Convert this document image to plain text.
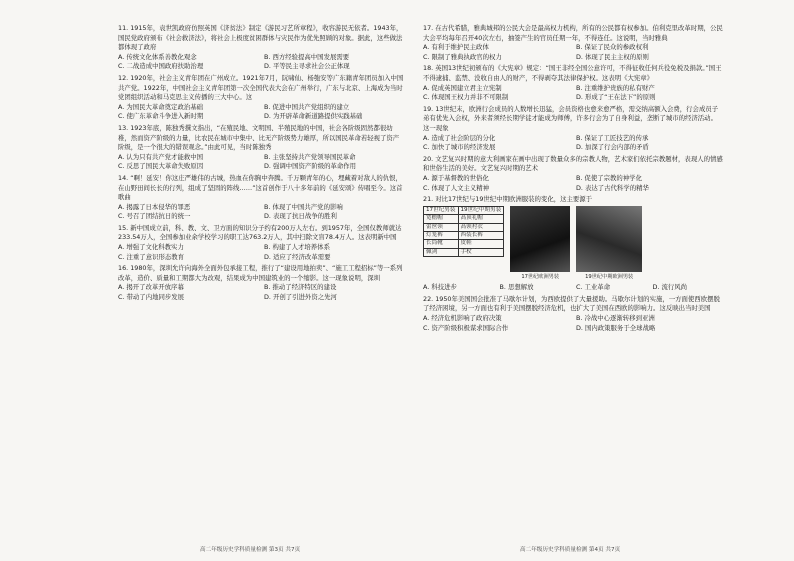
11. 1915年，袁世凯政府仿照英国《济贫法》制定《游民习艺所章程》，收容游民无依者。1943年，国民党政府颁布《社会救济法》，将社会上极度贫困群体与灾民作为优先照顾的对象。据此，这些做法都体现了政府
A. 传统文化体系善教化观念	B. 西方经验提高中国发展需要
C. 二战造成中国政府扶助治理	D. 平等民主寻求社会公正体现
12. 1920年，社会主义青年团在广州成立。1921年7月，阮啸仙、杨匏安等广东籍青年团员加入中国共产党。1922年，中国社会主义青年团第一次全国代表大会在广州举行，广东与北京、上海成为当时党团组织活动和马克思主义传播的三大中心。这
A. 为国民大革命奠定政治基础	B. 促进中国共产党组织的建立
C. 使广东革命斗争进入新时期	D. 为开辟革命新道路提供实践基础
13. 1923年底，陈独秀撰文指出，“在殖民地、文明国、半殖民地的中国，社会各阶级固然都很幼稚，然而资产阶级的力量，比农民在城市中集中、比无产阶级势力雄厚，所以国民革命若轻视了资产阶级，是一个很大的错误观念。”由此可见，当时陈独秀
A. 认为只有共产党才能救中国	B. 主张坚持共产党领导国民革命
C. 反思了国民大革命失败原因	D. 强调中国资产阶级的革命作用
14. “啊！延安！你这庄严雄伟的古城，热血在你胸中奔腾。千万颗青年的心，埋藏着对敌人的仇恨，在山野田间长长的行列，组成了坚固的阵线……”这首创作于八十多年前的《延安颂》传唱至今。这首歌曲
A. 揭露了日本侵华的罪恶	B. 体现了中国共产党的影响
C. 号召了团结抗日的统一	D. 表现了抗日战争的胜利
15. 新中国成立前，科、教、文、卫方面的知识分子约有200万人左右。到1957年，全国仅教师就达233.54万人，全国参加业余学校学习的职工达763.2万人，其中扫除文盲78.4万人。这表明新中国
A. 增强了文化科教实力	B. 构建了人才培养体系
C. 注重了意识形态教育	D. 适应了经济改革需要
16. 1980年，深圳允许向海外全面外包承接工程，推行了“建设用地拍卖”、“施工工程招标”等一系列改革，造价、质量和工期都大为改观，结果成为中国建筑业的一个缩影。这一现象说明，深圳
A. 揭开了改革开放序幕	B. 推动了经济特区的建设
C. 带动了内地同步发展	D. 开创了引进外资之先河
17. 在古代希腊，雅典城邦的公民大会是最高权力机构，所有的公民都有权参加。伯利克里改革时期，公民大会平均每年召开40次左右，抽签产生的官员任期一年，不得连任。这说明，当时雅典
A. 有利于维护民主政体	B. 保证了民众的参政权利
C. 限制了雅典执政官的权力	D. 体现了民主主权的原则
18. 英国13世纪初颁布的《大宪章》规定：“国王非经全国公意许可，不得征收任何兵役免税及捐款。”国王不得逮捕、监禁、没收自由人的财产，不得剥夺其法律保护权。这表明《大宪章》
A. 促成英国建立君主立宪制	B. 注重维护贵族的私有财产
C. 体现国王权力并非不可限制	D. 形成了“王在法下”的原则
19. 13世纪末，欧洲行会成员的人数增长迅猛，会员资格也愈来愈严格，需交纳高额入会费，行会成员子弟有优先入会权，外来者须经长期学徒才能成为师傅，许多行会为了自身利益，垄断了城市的经济活动。这一现象
A. 造成了社会阶层的分化	B. 保证了工匠技艺的传承
C. 加快了城市的经济发展	D. 加深了行会内部的矛盾
20. 文艺复兴时期的意大利画家在画中出现了数量众多的宗教人物，艺术家们依托宗教题材，表现人的情感和世俗生活的美好。文艺复兴时期的艺术
A. 源于基督教的世俗化	B. 促使了宗教的神学化
C. 体现了人文主义精神	D. 表达了古代科学的精华
21. 对比17世纪与19世纪中期欧洲服装的变化，这主要源于
17世纪男装	19世纪中期男装
宽檐帽	高顶礼帽
蕾丝领	高领衬衣
灯笼裤	西装长裤
长筒靴	皮鞋
佩剑	手杖
17世纪欧洲男装	19世纪中期欧洲男装
A. 科技进步	B. 思想解放	C. 工业革命	D. 流行风尚
22. 1950年美国国会批准了马歇尔计划，为西欧提供了大量援助。马歇尔计划的实施，一方面使西欧摆脱了经济困境，另一方面也有利于美国摆脱经济危机，也扩大了美国在西欧的影响力。这反映出当时美国
A. 经济危机影响了政府决策	B. 冷战中心逐渐转移到亚洲
C. 资产阶级积极谋求国际合作	D. 国内政策服务于全球战略
高二年级历史学科质量检测 第3页 共7页	高二年级历史学科质量检测 第4页 共7页
